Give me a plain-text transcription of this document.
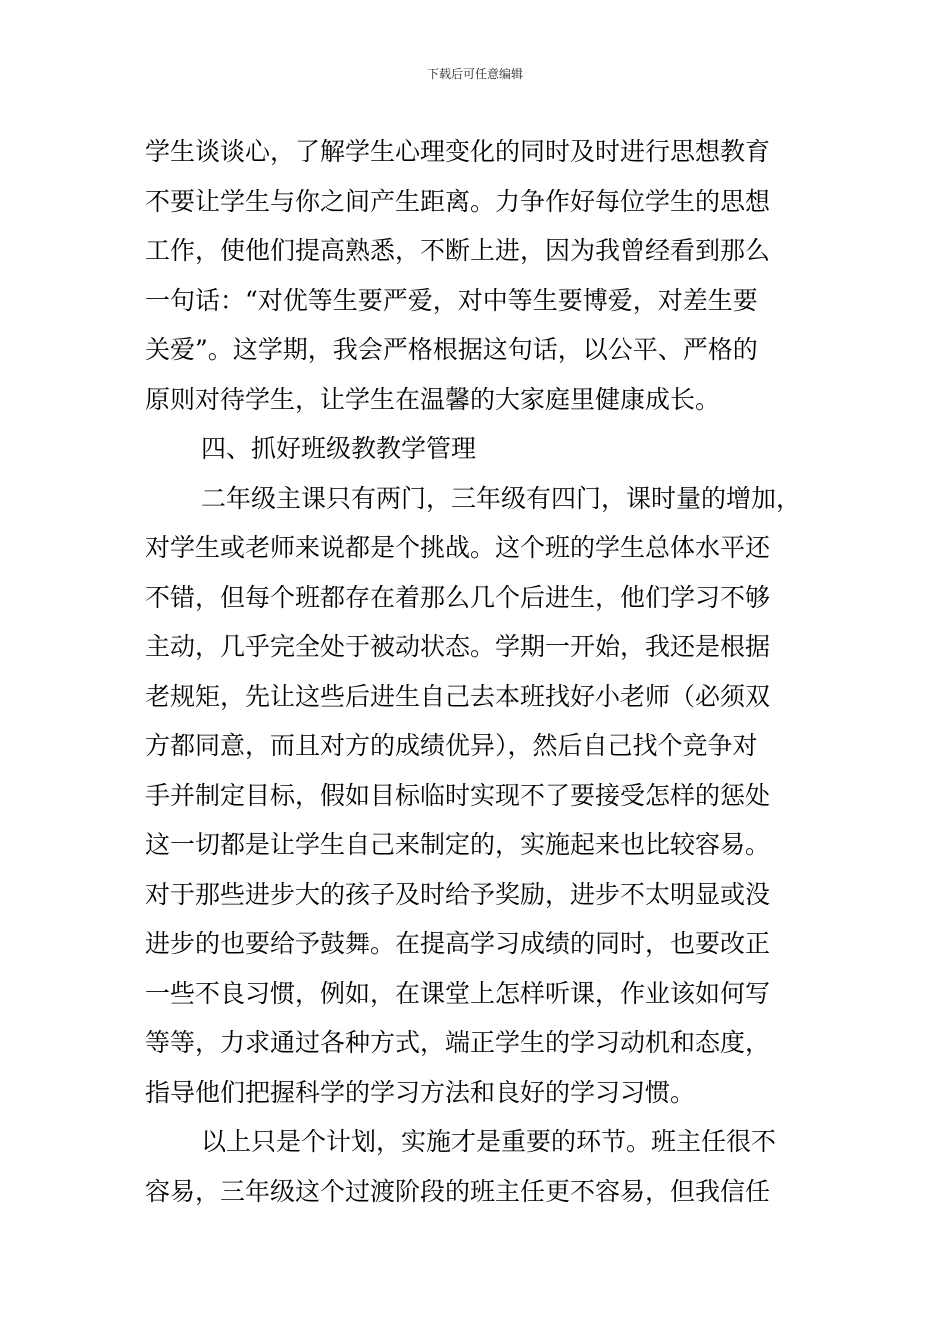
下载后可任意编辑
学生谈谈心，了解学生心理变化的同时及时进行思想教育
不要让学生与你之间产生距离。力争作好每位学生的思想
工作，使他们提高熟悉，不断上进，因为我曾经看到那么
一句话：“对优等生要严爱，对中等生要博爱，对差生要
关爱”。这学期，我会严格根据这句话，以公平、严格的
原则对待学生，让学生在温馨的大家庭里健康成长。
四、抓好班级教教学管理
二年级主课只有两门，三年级有四门，课时量的增加，
对学生或老师来说都是个挑战。这个班的学生总体水平还
不错，但每个班都存在着那么几个后进生，他们学习不够
主动，几乎完全处于被动状态。学期一开始，我还是根据
老规矩，先让这些后进生自己去本班找好小老师（必须双
方都同意，而且对方的成绩优异），然后自己找个竞争对
手并制定目标，假如目标临时实现不了要接受怎样的惩处
这一切都是让学生自己来制定的，实施起来也比较容易。
对于那些进步大的孩子及时给予奖励，进步不太明显或没
进步的也要给予鼓舞。在提高学习成绩的同时，也要改正
一些不良习惯，例如，在课堂上怎样听课，作业该如何写
等等，力求通过各种方式，端正学生的学习动机和态度，
指导他们把握科学的学习方法和良好的学习习惯。
以上只是个计划，实施才是重要的环节。班主任很不
容易，三年级这个过渡阶段的班主任更不容易，但我信任
